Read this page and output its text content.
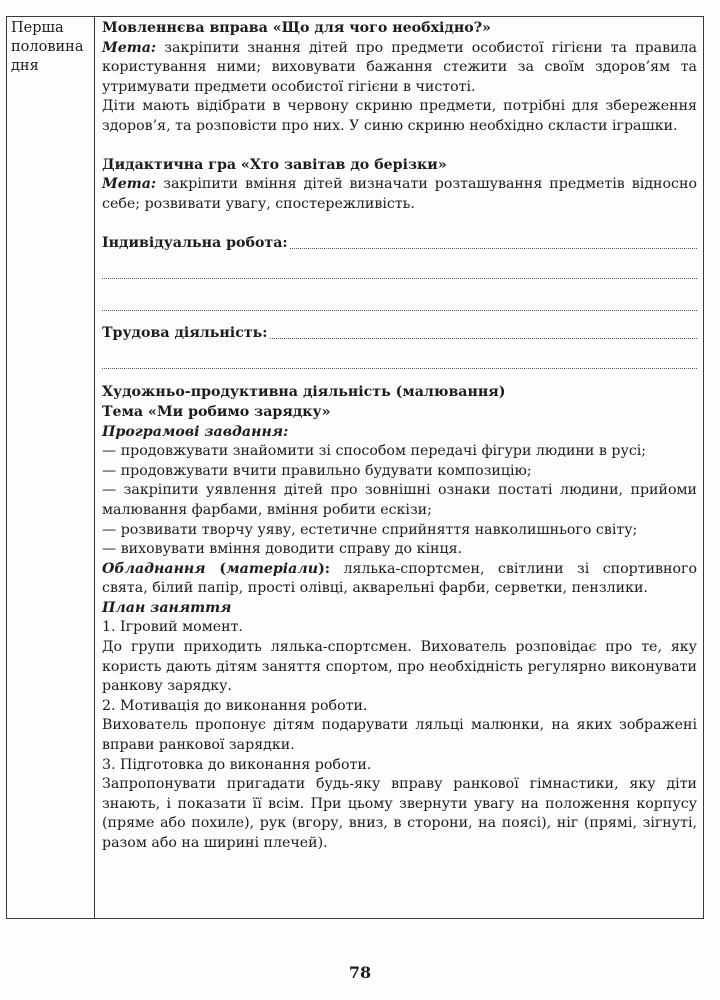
Перша
половина
дня

Мовленнєва вправа «Що для чого необхідно?»

Мета: закріпити знання дітей про предмети особистої гігієни та правила користування ними; виховувати бажання стежити за своїм здоров’ям та утримувати предмети особистої гігієни в чистоті.

Діти мають відібрати в червону скриню предмети, потрібні для збереження здоров’я, та розповісти про них. У синю скриню необхідно скласти іграшки.

Дидактична гра «Хто завітав до берізки»

Мета: закріпити вміння дітей визначати розташування предметів відносно себе; розвивати увагу, спостережливість.

Індивідуальна робота:
Трудова діяльність:

Художньо-продуктивна діяльність (малювання)

Тема «Ми робимо зарядку»

Програмові завдання:

— продовжувати знайомити зі способом передачі фігури людини в русі;

— продовжувати вчити правильно будувати композицію;

— закріпити уявлення дітей про зовнішні ознаки постаті людини, прийоми малювання фарбами, вміння робити ескізи;

— розвивати творчу уяву, естетичне сприйняття навколишнього світу;

— виховувати вміння доводити справу до кінця.

Обладнання (матеріали): лялька-спортсмен, світлини зі спортивного свята, білий папір, прості олівці, акварельні фарби, серветки, пензлики.

План заняття

1. Ігровий момент.

До групи приходить лялька-спортсмен. Вихователь розповідає про те, яку користь дають дітям заняття спортом, про необхідність регулярно виконувати ранкову зарядку.

2. Мотивація до виконання роботи.

Вихователь пропонує дітям подарувати ляльці малюнки, на яких зображені вправи ранкової зарядки.

3. Підготовка до виконання роботи.

Запропонувати пригадати будь-яку вправу ранкової гімнастики, яку діти знають, і показати її всім. При цьому звернути увагу на положення корпусу (пряме або похиле), рук (вгору, вниз, в сторони, на поясі), ніг (прямі, зігнуті, разом або на ширині плечей).

78
